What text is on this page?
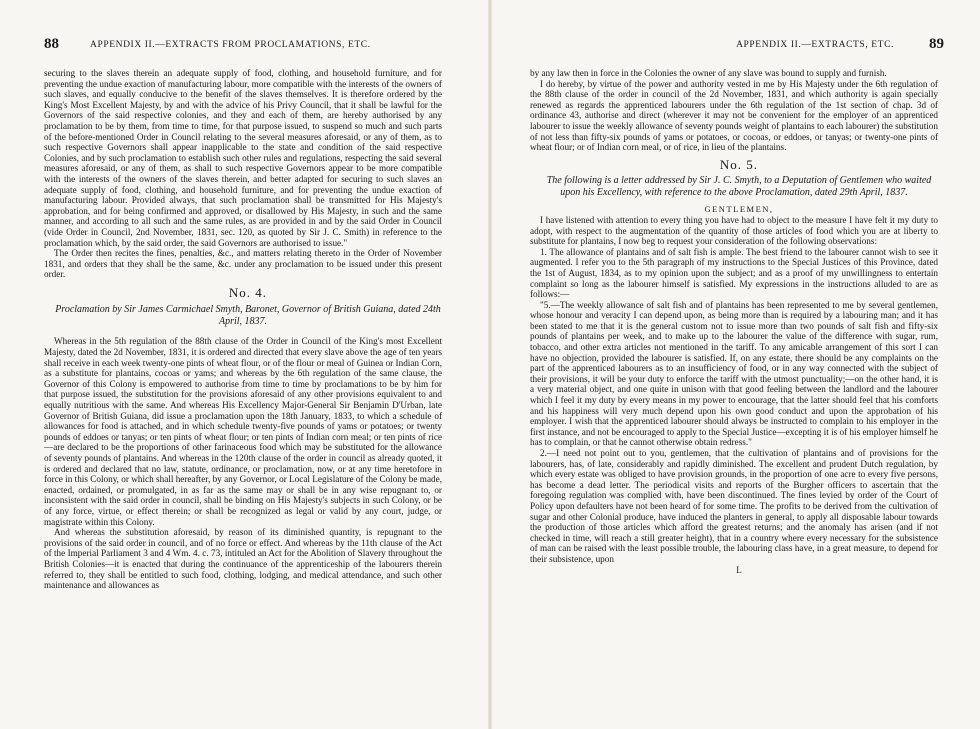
88	APPENDIX II.—EXTRACTS FROM PROCLAMATIONS, ETC.

securing to the slaves therein an adequate supply of food, clothing, and household furniture, and for preventing the undue exaction of manufacturing labour, more compatible with the interests of the owners of such slaves, and equally conducive to the benefit of the slaves themselves. It is therefore ordered by the King's Most Excellent Majesty, by and with the advice of his Privy Council, that it shall be lawful for the Governors of the said respective colonies, and they and each of them, are hereby authorised by any proclamation to be by them, from time to time, for that purpose issued, to suspend so much and such parts of the before-mentioned Order in Council relating to the several measures aforesaid, or any of them, as to such respective Governors shall appear inapplicable to the state and condition of the said respective Colonies, and by such proclamation to establish such other rules and regulations, respecting the said several measures aforesaid, or any of them, as shall to such respective Governors appear to be more compatible with the interests of the owners of the slaves therein, and better adapted for securing to such slaves an adequate supply of food, clothing, and household furniture, and for preventing the undue exaction of manufacturing labour. Provided always, that such proclamation shall be transmitted for His Majesty's approbation, and for being confirmed and approved, or disallowed by His Majesty, in such and the same manner, and according to all such and the same rules, as are provided in and by the said Order in Council (vide Order in Council, 2nd November, 1831, sec. 120, as quoted by Sir J. C. Smith) in reference to the proclamation which, by the said order, the said Governors are authorised to issue."

The Order then recites the fines, penalties, &c., and matters relating thereto in the Order of November 1831, and orders that they shall be the same, &c. under any proclamation to be issued under this present order.

No. 4.

Proclamation by Sir James Carmichael Smyth, Baronet, Governor of British Guiana, dated 24th April, 1837.

Whereas in the 5th regulation of the 88th clause of the Order in Council of the King's most Excellent Majesty, dated the 2d November, 1831, it is ordered and directed that every slave above the age of ten years shall receive in each week twenty-one pints of wheat flour, or of the flour or meal of Guinea or Indian Corn, as a substitute for plantains, cocoas or yams; and whereas by the 6th regulation of the same clause, the Governor of this Colony is empowered to authorise from time to time by proclamations to be by him for that purpose issued, the substitution for the provisions aforesaid of any other provisions equivalent to and equally nutritious with the same. And whereas His Excellency Major-General Sir Benjamin D'Urban, late Governor of British Guiana, did issue a proclamation upon the 18th January, 1833, to which a schedule of allowances for food is attached, and in which schedule twenty-five pounds of yams or potatoes; or twenty pounds of eddoes or tanyas; or ten pints of wheat flour; or ten pints of Indian corn meal; or ten pints of rice—are declared to be the proportions of other farinaceous food which may be substituted for the allowance of seventy pounds of plantains. And whereas in the 120th clause of the order in council as already quoted, it is ordered and declared that no law, statute, ordinance, or proclamation, now, or at any time heretofore in force in this Colony, or which shall hereafter, by any Governor, or Local Legislature of the Colony be made, enacted, ordained, or promulgated, in as far as the same may or shall be in any wise repugnant to, or inconsistent with the said order in council, shall be binding on His Majesty's subjects in such Colony, or be of any force, virtue, or effect therein; or shall be recognized as legal or valid by any court, judge, or magistrate within this Colony.

And whereas the substitution aforesaid, by reason of its diminished quantity, is repugnant to the provisions of the said order in council, and of no force or effect. And whereas by the 11th clause of the Act of the Imperial Parliament 3 and 4 Wm. 4. c. 73, intituled an Act for the Abolition of Slavery throughout the British Colonies—it is enacted that during the continuance of the apprenticeship of the labourers therein referred to, they shall be entitled to such food, clothing, lodging, and medical attendance, and such other maintenance and allowances as

APPENDIX II.—EXTRACTS, ETC. 89

by any law then in force in the Colonies the owner of any slave was bound to supply and furnish.

I do hereby, by virtue of the power and authority vested in me by His Majesty under the 6th regulation of the 88th clause of the order in council of the 2d November, 1831, and which authority is again specially renewed as regards the apprenticed labourers under the 6th regulation of the 1st section of chap. 3d of ordinance 43, authorise and direct (wherever it may not be convenient for the employer of an apprenticed labourer to issue the weekly allowance of seventy pounds weight of plantains to each labourer) the substitution of not less than fifty-six pounds of yams or potatoes, or cocoas, or eddoes, or tanyas; or twenty-one pints of wheat flour; or of Indian corn meal, or of rice, in lieu of the plantains.

No. 5.

The following is a letter addressed by Sir J. C. Smyth, to a Deputation of Gentlemen who waited upon his Excellency, with reference to the above Proclamation, dated 29th April, 1837.

GENTLEMEN,

I have listened with attention to every thing you have had to object to the measure I have felt it my duty to adopt, with respect to the augmentation of the quantity of those articles of food which you are at liberty to substitute for plantains, I now beg to request your consideration of the following observations:

1. The allowance of plantains and of salt fish is ample. The best friend to the labourer cannot wish to see it augmented. I refer you to the 5th paragraph of my instructions to the Special Justices of this Province, dated the 1st of August, 1834, as to my opinion upon the subject; and as a proof of my unwillingness to entertain complaint so long as the labourer himself is satisfied. My expressions in the instructions alluded to are as follows:—

"5.—The weekly allowance of salt fish and of plantains has been represented to me by several gentlemen, whose honour and veracity I can depend upon, as being more than is required by a labouring man; and it has been stated to me that it is the general custom not to issue more than two pounds of salt fish and fifty-six pounds of plantains per week, and to make up to the labourer the value of the difference with sugar, rum, tobacco, and other extra articles not mentioned in the tariff. To any amicable arrangement of this sort I can have no objection, provided the labourer is satisfied. If, on any estate, there should be any complaints on the part of the apprenticed labourers as to an insufficiency of food, or in any way connected with the subject of their provisions, it will be your duty to enforce the tariff with the utmost punctuality;—on the other hand, it is a very material object, and one quite in unison with that good feeling between the landlord and the labourer which I feel it my duty by every means in my power to encourage, that the latter should feel that his comforts and his happiness will very much depend upon his own good conduct and upon the approbation of his employer. I wish that the apprenticed labourer should always be instructed to complain to his employer in the first instance, and not be encouraged to apply to the Special Justice—excepting it is of his employer himself he has to complain, or that he cannot otherwise obtain redress."

2.—I need not point out to you, gentlemen, that the cultivation of plantains and of provisions for the labourers, has, of late, considerably and rapidly diminished. The excellent and prudent Dutch regulation, by which every estate was obliged to have provision grounds, in the proportion of one acre to every five persons, has become a dead letter. The periodical visits and reports of the Burgher officers to ascertain that the foregoing regulation was complied with, have been discontinued. The fines levied by order of the Court of Policy upon defaulters have not been heard of for some time. The profits to be derived from the cultivation of sugar and other Colonial produce, have induced the planters in general, to apply all disposable labour towards the production of those articles which afford the greatest returns; and the anomaly has arisen (and if not checked in time, will reach a still greater height), that in a country where every necessary for the subsistence of man can be raised with the least possible trouble, the labouring class have, in a great measure, to depend for their subsistence, upon

L
